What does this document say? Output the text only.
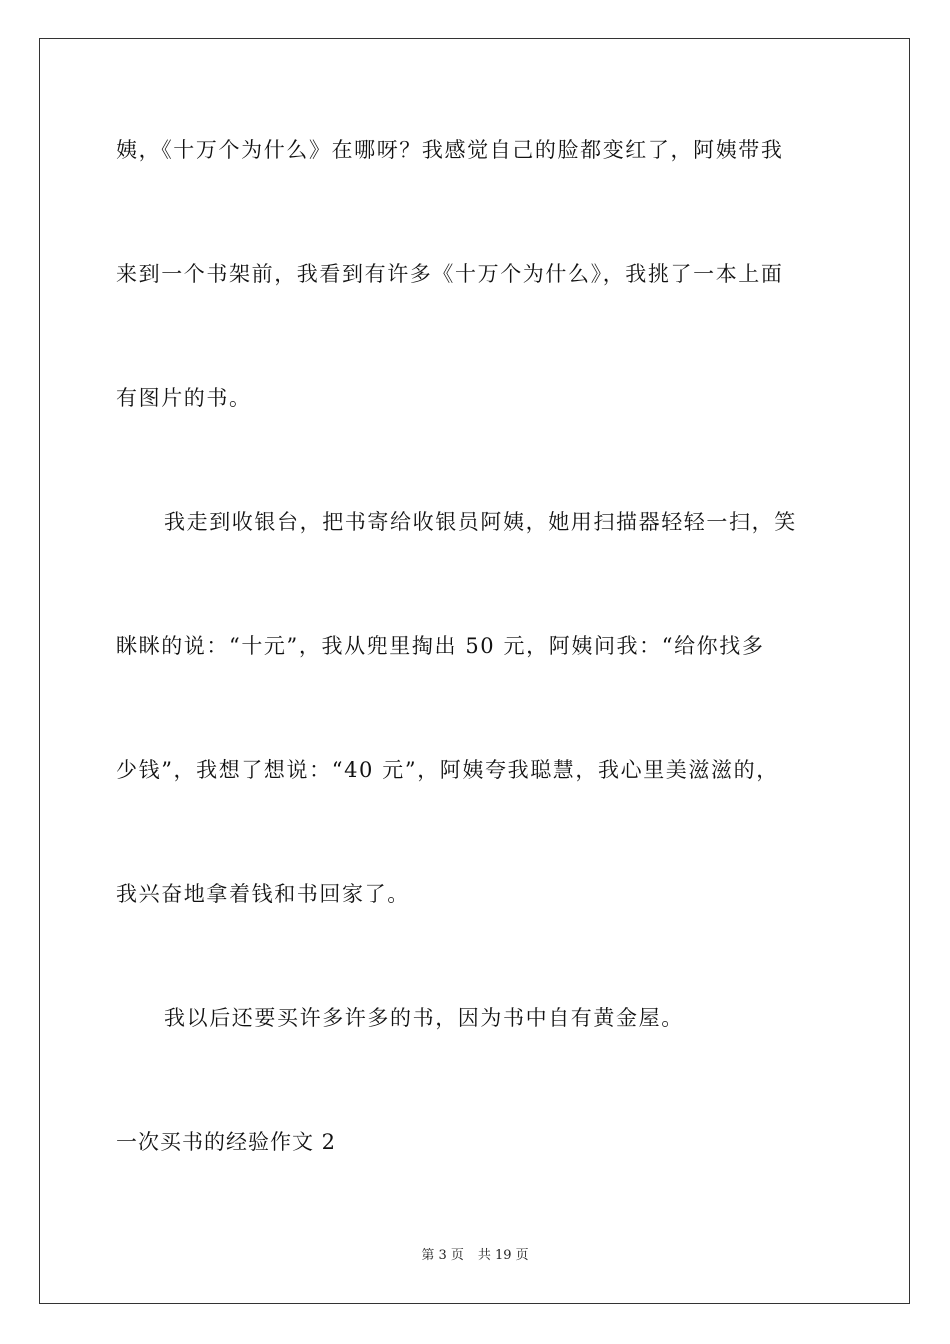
姨，《十万个为什么》在哪呀？我感觉自己的脸都变红了，阿姨带我
来到一个书架前，我看到有许多《十万个为什么》，我挑了一本上面
有图片的书。
我走到收银台，把书寄给收银员阿姨，她用扫描器轻轻一扫，笑
眯眯的说：“十元”，我从兜里掏出 50 元，阿姨问我：“给你找多
少钱”，我想了想说：“40 元”，阿姨夸我聪慧，我心里美滋滋的，
我兴奋地拿着钱和书回家了。
我以后还要买许多许多的书，因为书中自有黄金屋。
一次买书的经验作文 2
第 3 页 共 19 页
